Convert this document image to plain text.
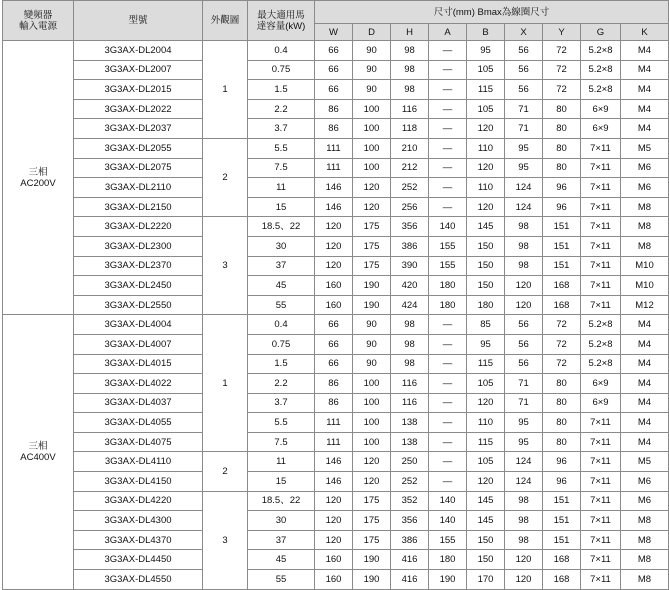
變頻器
輸入電源	型號	外觀圖	最大適用馬
達容量(kW)	尺寸(mm) Bmax為線圈尺寸								
				W	D	H	A	B	X	Y	G	K
三相
AC200V	3G3AX-DL2004	1	0.4	66	90	98	—	95	56	72	5.2×8	M4
	3G3AX-DL2007		0.75	66	90	98	—	105	56	72	5.2×8	M4
	3G3AX-DL2015		1.5	66	90	98	—	115	56	72	5.2×8	M4
	3G3AX-DL2022		2.2	86	100	116	—	105	71	80	6×9	M4
	3G3AX-DL2037		3.7	86	100	118	—	120	71	80	6×9	M4
	3G3AX-DL2055	2	5.5	111	100	210	—	110	95	80	7×11	M5
	3G3AX-DL2075		7.5	111	100	212	—	120	95	80	7×11	M6
	3G3AX-DL2110		11	146	120	252	—	110	124	96	7×11	M6
	3G3AX-DL2150		15	146	120	256	—	120	124	96	7×11	M8
	3G3AX-DL2220	3	18.5、22	120	175	356	140	145	98	151	7×11	M8
	3G3AX-DL2300		30	120	175	386	155	150	98	151	7×11	M8
	3G3AX-DL2370		37	120	175	390	155	150	98	151	7×11	M10
	3G3AX-DL2450		45	160	190	420	180	150	120	168	7×11	M10
	3G3AX-DL2550		55	160	190	424	180	180	120	168	7×11	M12
三相
AC400V	3G3AX-DL4004	1	0.4	66	90	98	—	85	56	72	5.2×8	M4
	3G3AX-DL4007		0.75	66	90	98	—	95	56	72	5.2×8	M4
	3G3AX-DL4015		1.5	66	90	98	—	115	56	72	5.2×8	M4
	3G3AX-DL4022		2.2	86	100	116	—	105	71	80	6×9	M4
	3G3AX-DL4037		3.7	86	100	116	—	120	71	80	6×9	M4
	3G3AX-DL4055		5.5	111	100	138	—	110	95	80	7×11	M4
	3G3AX-DL4075		7.5	111	100	138	—	115	95	80	7×11	M4
	3G3AX-DL4110	2	11	146	120	250	—	105	124	96	7×11	M5
	3G3AX-DL4150		15	146	120	252	—	120	124	96	7×11	M6
	3G3AX-DL4220	3	18.5、22	120	175	352	140	145	98	151	7×11	M6
	3G3AX-DL4300		30	120	175	356	140	145	98	151	7×11	M8
	3G3AX-DL4370		37	120	175	386	155	150	98	151	7×11	M8
	3G3AX-DL4450		45	160	190	416	180	150	120	168	7×11	M8
	3G3AX-DL4550		55	160	190	416	190	170	120	168	7×11	M8
